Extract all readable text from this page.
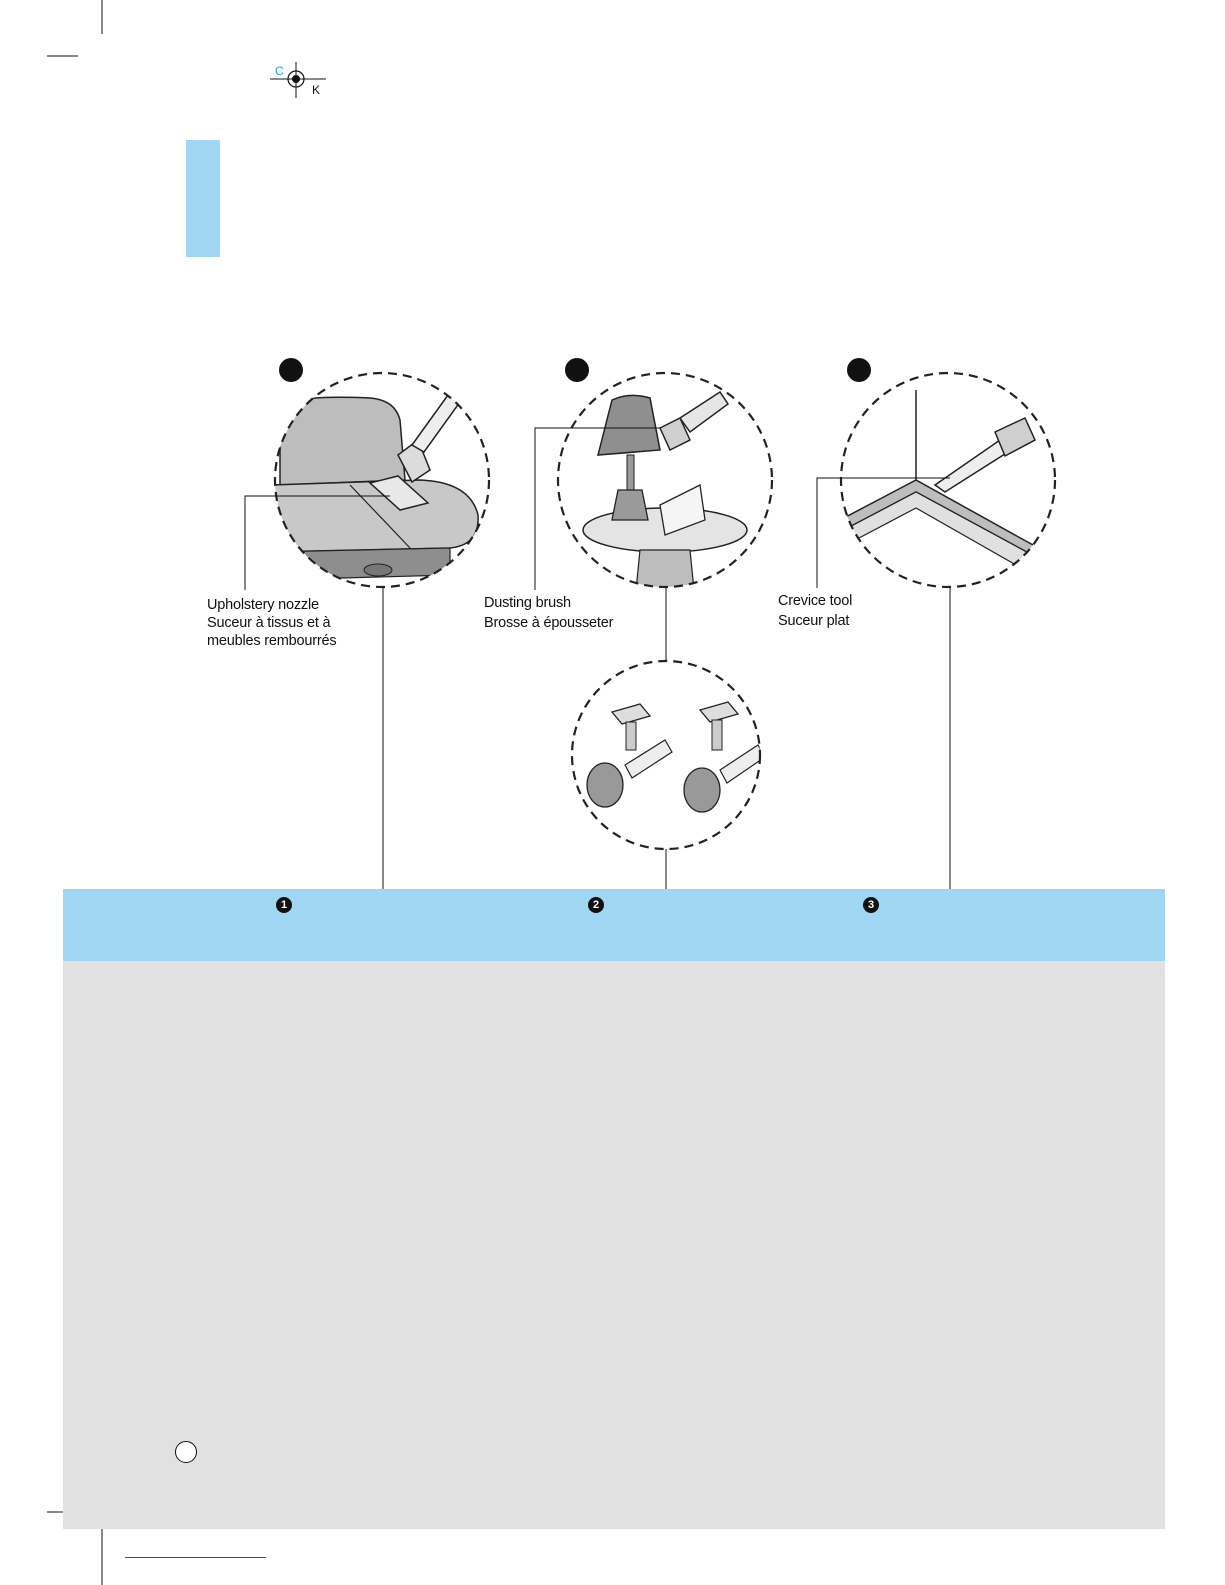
C
K
Upholstery nozzle
Suceur à tissus et à
meubles rembourrés
Dusting brush
Brosse à épousseter
Crevice tool
Suceur plat
1	2	3
